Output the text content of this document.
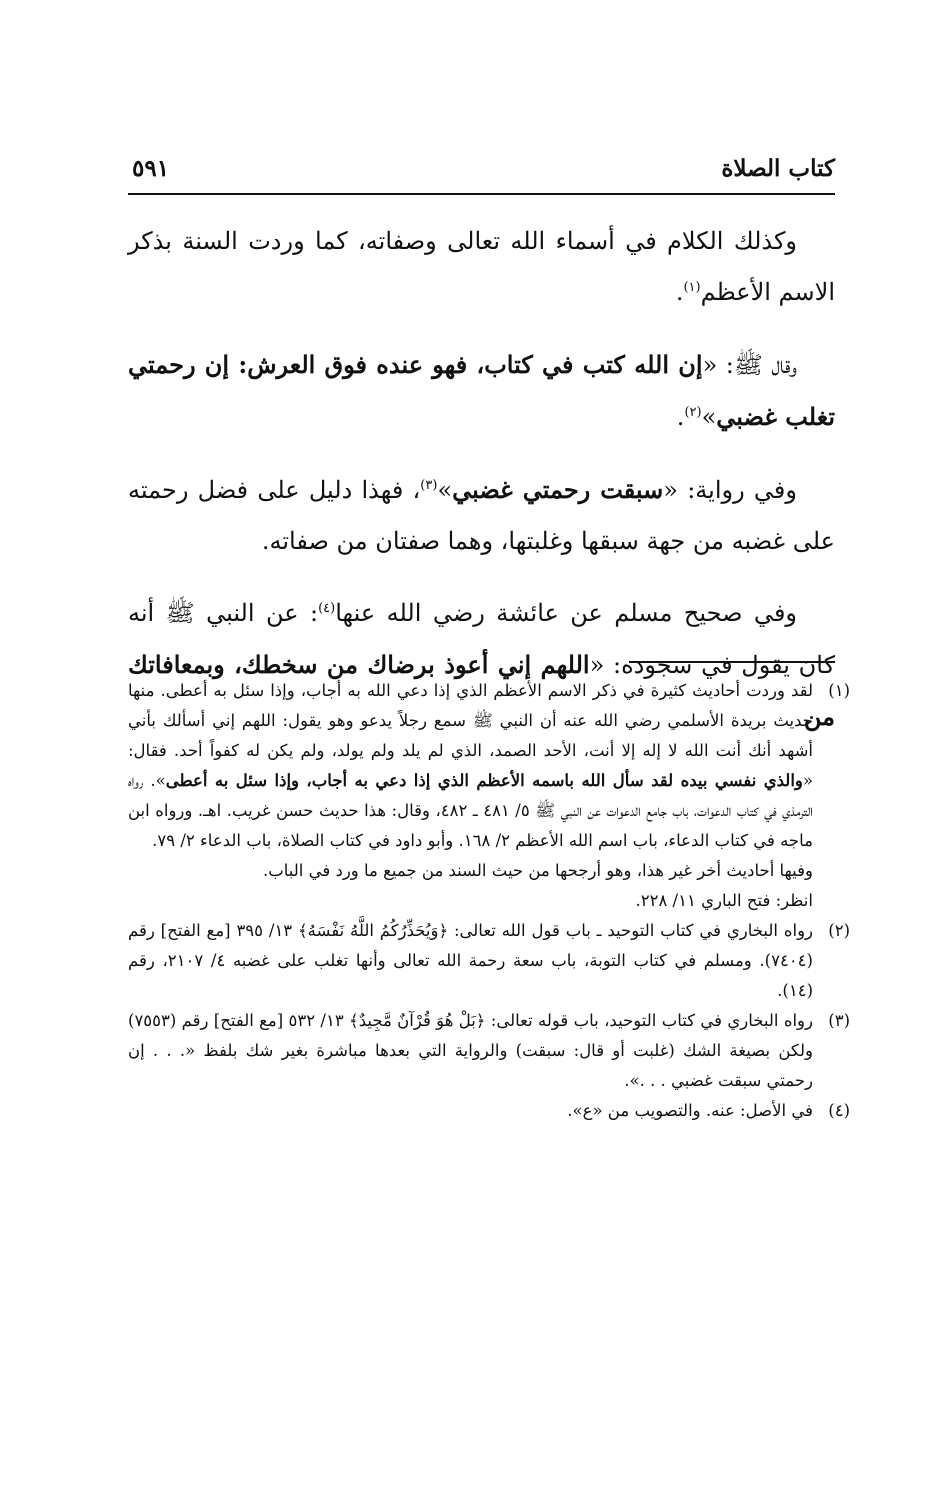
كتاب الصلاة
٥٩١

وكذلك الكلام في أسماء الله تعالى وصفاته، كما وردت السنة بذكر الاسم الأعظم$^{(١)}$.

وقال ﷺ: «إن الله كتب في كتاب، فهو عنده فوق العرش: إن رحمتي تغلب غضبي»$^{(٢)}$.

وفي رواية: «سبقت رحمتي غضبي»$^{(٣)}$، فهذا دليل على فضل رحمته على غضبه من جهة سبقها وغلبتها، وهما صفتان من صفاته.

وفي صحيح مسلم عن عائشة رضي الله عنها$^{(٤)}$: عن النبي ﷺ أنه كان يقول في سجوده: «اللهم إني أعوذ برضاك من سخطك، وبمعافاتك من

(١)
لقد وردت أحاديث كثيرة في ذكر الاسم الأعظم الذي إذا دعي الله به أجاب، وإذا سئل به أعطى. منها حديث بريدة الأسلمي رضي الله عنه أن النبي ﷺ سمع رجلاً يدعو وهو يقول: اللهم إني أسألك بأني أشهد أنك أنت الله لا إله إلا أنت، الأحد الصمد، الذي لم يلد ولم يولد، ولم يكن له كفواً أحد. فقال: «والذي نفسي بيده لقد سأل الله باسمه الأعظم الذي إذا دعي به أجاب، وإذا سئل به أعطى». رواه الترمذي في كتاب الدعوات، باب جامع الدعوات عن النبي ﷺ ٥/ ٤٨١ ـ ٤٨٢، وقال: هذا حديث حسن غريب. اهـ. ورواه ابن ماجه في كتاب الدعاء، باب اسم الله الأعظم ٢/ ١٦٨. وأبو داود في كتاب الصلاة، باب الدعاء ٢/ ٧٩.
وفيها أحاديث أخر غير هذا، وهو أرجحها من حيث السند من جميع ما ورد في الباب.
انظر: فتح الباري ١١/ ٢٢٨.
(٢)
رواه البخاري في كتاب التوحيد ـ باب قول الله تعالى: ﴿وَيُحَذِّرُكُمُ اللَّهُ نَفْسَهُ﴾ ١٣/ ٣٩٥ [مع الفتح] رقم (٧٤٠٤). ومسلم في كتاب التوبة، باب سعة رحمة الله تعالى وأنها تغلب على غضبه ٤/ ٢١٠٧، رقم (١٤).
(٣)
رواه البخاري في كتاب التوحيد، باب قوله تعالى: ﴿بَلْ هُوَ قُرْآنٌ مَّجِيدٌ﴾ ١٣/ ٥٣٢ [مع الفتح] رقم (٧٥٥٣) ولكن بصيغة الشك (غلبت أو قال: سبقت) والرواية التي بعدها مباشرة بغير شك بلفظ «. . . إن رحمتي سبقت غضبي . . .».
(٤)
في الأصل: عنه. والتصويب من «ع».
